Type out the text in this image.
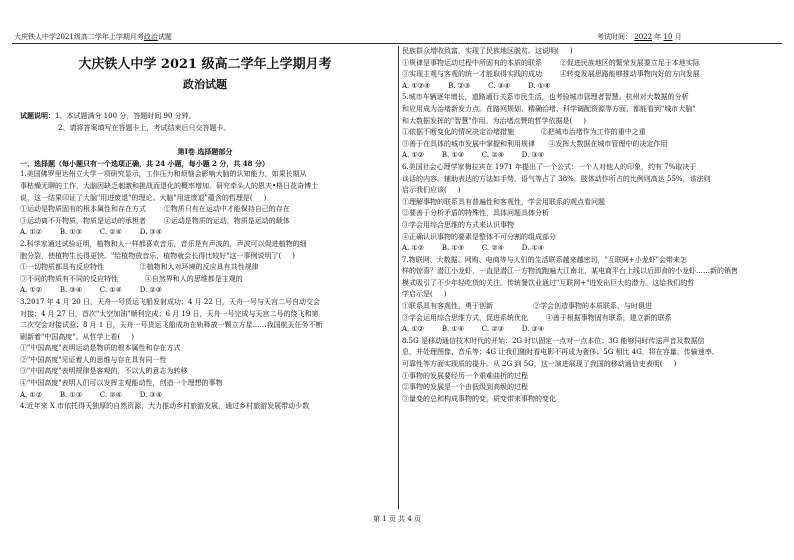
大庆铁人中学2021级高二学年上学期月考政治试题	考试时间： 2022 年 10 月
大庆铁人中学 2021 级高二学年上学期月考
政治试题

试题说明：1、本试题满分 100 分，答题时间 90 分钟。

2、请将答案填写在答题卡上，考试结束后只交答题卡。

第Ⅰ卷 选择题部分
一、选择题（每小题只有一个选项正确，共 24 小题，每小题 2 分，共 48 分）

1.美国佛罗里达州立大学一项研究显示，工作压力和烦恼会影响大脑的认知能力，如果长期从

事枯燥无聊的工作，大脑因缺乏刺激和挑战而退化的概率增加。研究牵头人的恩夫•格日花奇博士

说，这一结果印证了大脑"用进废退"的理论。大脑"用进废退"蕴含的哲理是(     )

①运动是物质固有的根本属性和存在方式        ②物质只有在运动中才能保持自己的存在

③运动离不开物质，物质是运动的承担者        ④运动是物质的运动，物质是运动的载体

A. ①②        B. ①③        C. ②④        D. ③④

2.科学家通过试验证明，植物和人一样都喜欢音乐，音乐是有声波的，声波可以促进植物的细

胞分裂，使植物生长得更快。"给植物放音乐，植物就会长得比较好"这一事例说明了(     )

①一切物质都具有反应特性                ②植物和人对环境的反应具有共性规律

③不同的物质有不同的反应特性            ④自然界和人的思维都是主观的

A. ①②        B. ③④        C. ①④        D. ②③

3.2017 年 4 月 20 日，天舟一号货运飞船发射成功；4 月 22 日，天舟一号与天宫二号自动交会

对接；4 月 27 日，首次"太空加油"顺利完成；6 月 19 日，天舟一号完成与天宫二号的绕飞和第

二次交会对接试验；8 月 1 日，天舟一号货运飞船成功在轨释放一颗立方星……我国航天任务不断

刷新着"中国高度"。从哲学上看(     )

①"中国高度"表明运动是物质的根本属性和存在方式

②"中国高度"见证着人的思维与存在具有同一性

③"中国高度"表明规律是客观的，不以人的意志为转移

④"中国高度"表明人们可以发挥主观能动性，创造一个理想的事物

A. ①②        B. ①③        C. ②④        D. ③④

4.近年来 X 市依托得天独厚的自然资源，大力推动乡村旅游发展，通过乡村旅游发展带动少数

民族群众增收致富，实现了民族地区脱贫。这说明(     )

①规律是事物运动过程中所固有的本质的联系        ②促进民族地区的繁荣发展要立足于本地实际

③实现主观与客观的统一才能取得实践的成功        ④转变发展思路能够推动事物向好的方向发展

A. ①②④        B. ②③        C. ③④        D. ①④

5.城市车辆逐年增长，道路通行关系市民生活，也考验城市管理者智慧。杭州对大数据的分析

和应用成为治堵新发力点。在路网规划、精确治堵、科学调配资源等方面，都能看到"城市大脑"

和大数据发挥的"智慧"作用。为治堵点赞的哲学依据是(     )

①依据不断变化的情况决定治堵措施            ②把城市治堵作为工作的重中之重

③善于在具体的城市发展中掌握和利用规律      ④发挥大数据在城市管理中的决定作用

A. ①②        B. ①③        C. ②④        D. ③④

6.美国社会心理学家梅拉宾在 1971 年提出了一个公式：一个人对他人的印象，约有 7%取决于

谈话的内容，辅助表达的方法如手势、语气等占了 38%，肢体动作所占的比例则高达 55%，该法则

启示我们应该(     )

①理解事物的联系具有普遍性和客观性，学会用联系的观点看问题

②要善于分析矛盾的特殊性，具体问题具体分析

③学会用综合思维的方式来认识事物

④正确认识事物的要素是整体不可分割的组成部分

A. ①②        B. ①③        C. ②④        D. ①④

7.物联网、大数据、网购、电商等与人们的生活联系越来越密切，"互联网+小龙虾"会带来怎

样的惊喜？潜江小龙虾，一直是潜江一方物流跑遍大江南北，某电商平台上线以后即食的小龙虾……新的销售

模式吸引了不少年轻吃货的关注。传统餐饮业通过"互联网+"进发出巨大的潜力。这给我们的哲

学启示是(     )

①联系具有客观性，勇于创新                  ②学会创造事物的本质联系，与时俱进

③学会运用综合思维方式，促进系统优化        ④善于根据事物固有联系，建立新的联系

A. ①②        B. ①④        C. ②③        D. ③④

8.5G 是移动通信技术时代的开始：2G 时以固定一点对一点本位；3G 能够同时传送声音及数据信

息，并处理图像、音乐等；4G 让我们随时看电影不再成为奢侈；5G 相比 4G，将在容量、传输速率、

可靠性等方面实现质的提升。从 2G 到 5G，这一演进展现了我国的移动通信史表明(     )

①事物的发展要经历一个艰难曲折的过程

②事物的发展是一个由低级到高级的过程

③量变的总和构成事物的变，质变带来事物的变化

第 1 页 共 4 页
